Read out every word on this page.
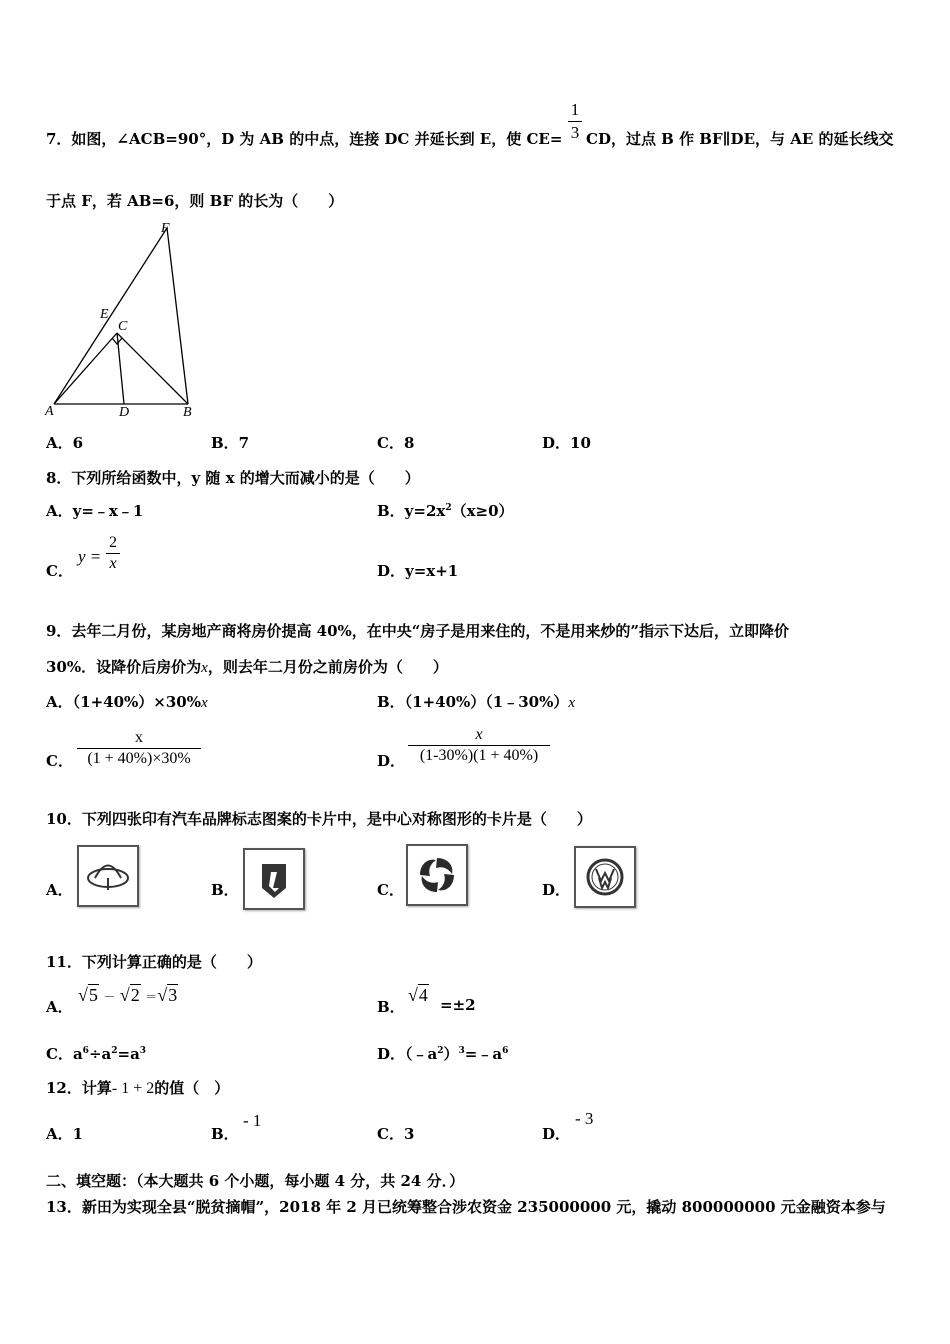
7．如图，∠ACB=90°，D 为 AB 的中点，连接 DC 并延长到 E，使 CE=
1
3 CD，过点 B 作 BF∥DE，与 AE 的延长线交
于点 F，若 AB=6，则 BF 的长为（　　）
F
E
C
A	D	B
A．6	B．7	C．8	D．10
8．下列所给函数中，y 随 x 的增大而减小的是（　　）
A．y=﹣x﹣1	B．$y=2x^2(x\ge 0)$
C．
y =
2
x	D．y=x+1
9．去年二月份，某房地产商将房价提高 40%，在中央“房子是用来住的，不是用来炒的”指示下达后，立即降价
30%．设降价后房价为x，则去年二月份之前房价为（　　）
A．（1+40%）×30%x	B．（1+40%）（1﹣30%）x
C．
x
(1 + 40%)×30%	D．
x
(1-30%)(1 + 40%)
10．下列四张印有汽车品牌标志图案的卡片中，是中心对称图形的卡片是（　　）
A．	B．	C．	D．
11．下列计算正确的是（　　）
A．
√5 － √2 ＝√3
B．
√4 =±2
C．$a^6\div a^2=a^3$	D．$(﹣a^2)^3=﹣a^6$
12．计算- 1 + 2的值（　）
A．1	B．
- 1
C．3	D．
- 3
二、填空题：（本大题共 6 个小题，每小题 4 分，共 24 分．）
13．新田为实现全县“脱贫摘帽”，2018 年 2 月已统筹整合涉农资金 235000000 元，撬动 800000000 元金融资本参与
